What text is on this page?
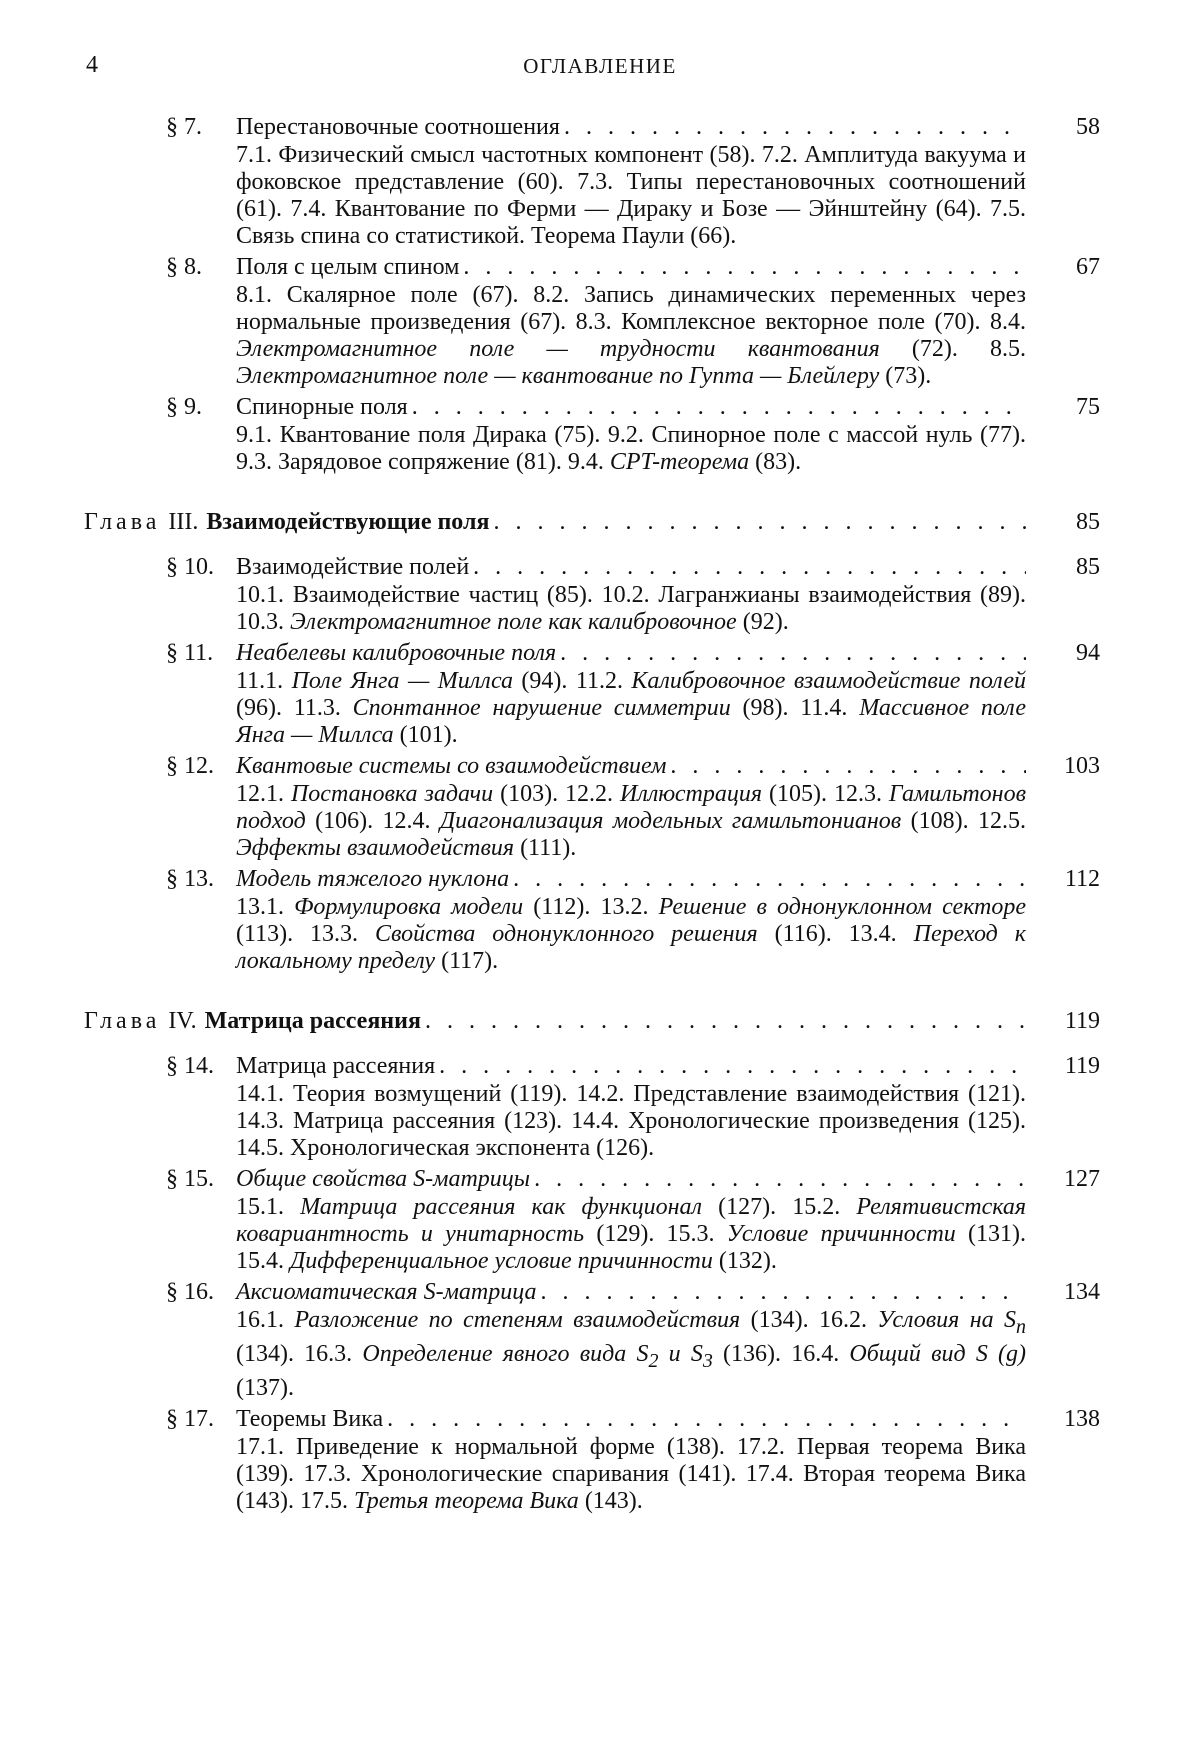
4	ОГЛАВЛЕНИЕ
§ 7.	Перестановочные соотношения . . .	58
7.1. Физический смысл частотных компонент (58). 7.2. Амплитуда вакуума и фоковское представление (60). 7.3. Типы перестановочных соотношений (61). 7.4. Квантование по Ферми — Дираку и Бозе — Эйнштейну (64). 7.5. Связь спина со статистикой. Теорема Паули (66).
§ 8.	Поля с целым спином . . .	67
8.1. Скалярное поле (67). 8.2. Запись динамических переменных через нормальные произведения (67). 8.3. Комплексное векторное поле (70). 8.4. Электромагнитное поле — трудности квантования (72). 8.5. Электромагнитное поле — квантование по Гупта — Блейлеру (73).
§ 9.	Спинорные поля . . .	75
9.1. Квантование поля Дирака (75). 9.2. Спинорное поле с массой нуль (77). 9.3. Зарядовое сопряжение (81). 9.4. CPT-теорема (83).
Глава III. Взаимодействующие поля . . .	85
§ 10. Взаимодействие полей . . .	85
10.1. Взаимодействие частиц (85). 10.2. Лагранжианы взаимодействия (89). 10.3. Электромагнитное поле как калибровочное (92).
§ 11. Неабелевы калибровочные поля . . .	94
11.1. Поле Янга — Миллса (94). 11.2. Калибровочное взаимодействие полей (96). 11.3. Спонтанное нарушение симметрии (98). 11.4. Массивное поле Янга — Миллса (101).
§ 12. Квантовые системы со взаимодействием . . .	103
12.1. Постановка задачи (103). 12.2. Иллюстрация (105). 12.3. Гамильтонов подход (106). 12.4. Диагонализация модельных гамильтонианов (108). 12.5. Эффекты взаимодействия (111).
§ 13. Модель тяжелого нуклона . . .	112
13.1. Формулировка модели (112). 13.2. Решение в однонуклонном секторе (113). 13.3. Свойства однонуклонного решения (116). 13.4. Переход к локальному пределу (117).
Глава IV. Матрица рассеяния . . .	119
§ 14. Матрица рассеяния . . .	119
14.1. Теория возмущений (119). 14.2. Представление взаимодействия (121). 14.3. Матрица рассеяния (123). 14.4. Хронологические произведения (125). 14.5. Хронологическая экспонента (126).
§ 15. Общие свойства S-матрицы . . .	127
15.1. Матрица рассеяния как функционал (127). 15.2. Релятивистская ковариантность и унитарность (129). 15.3. Условие причинности (131). 15.4. Дифференциальное условие причинности (132).
§ 16. Аксиоматическая S-матрица . . .	134
16.1. Разложение по степеням взаимодействия (134). 16.2. Условия на $S_n$ (134). 16.3. Определение явного вида $S_2$ и $S_3$ (136). 16.4. Общий вид S (g) (137).
§ 17. Теоремы Вика . . .	138
17.1. Приведение к нормальной форме (138). 17.2. Первая теорема Вика (139). 17.3. Хронологические спаривания (141). 17.4. Вторая теорема Вика (143). 17.5. Третья теорема Вика (143).
